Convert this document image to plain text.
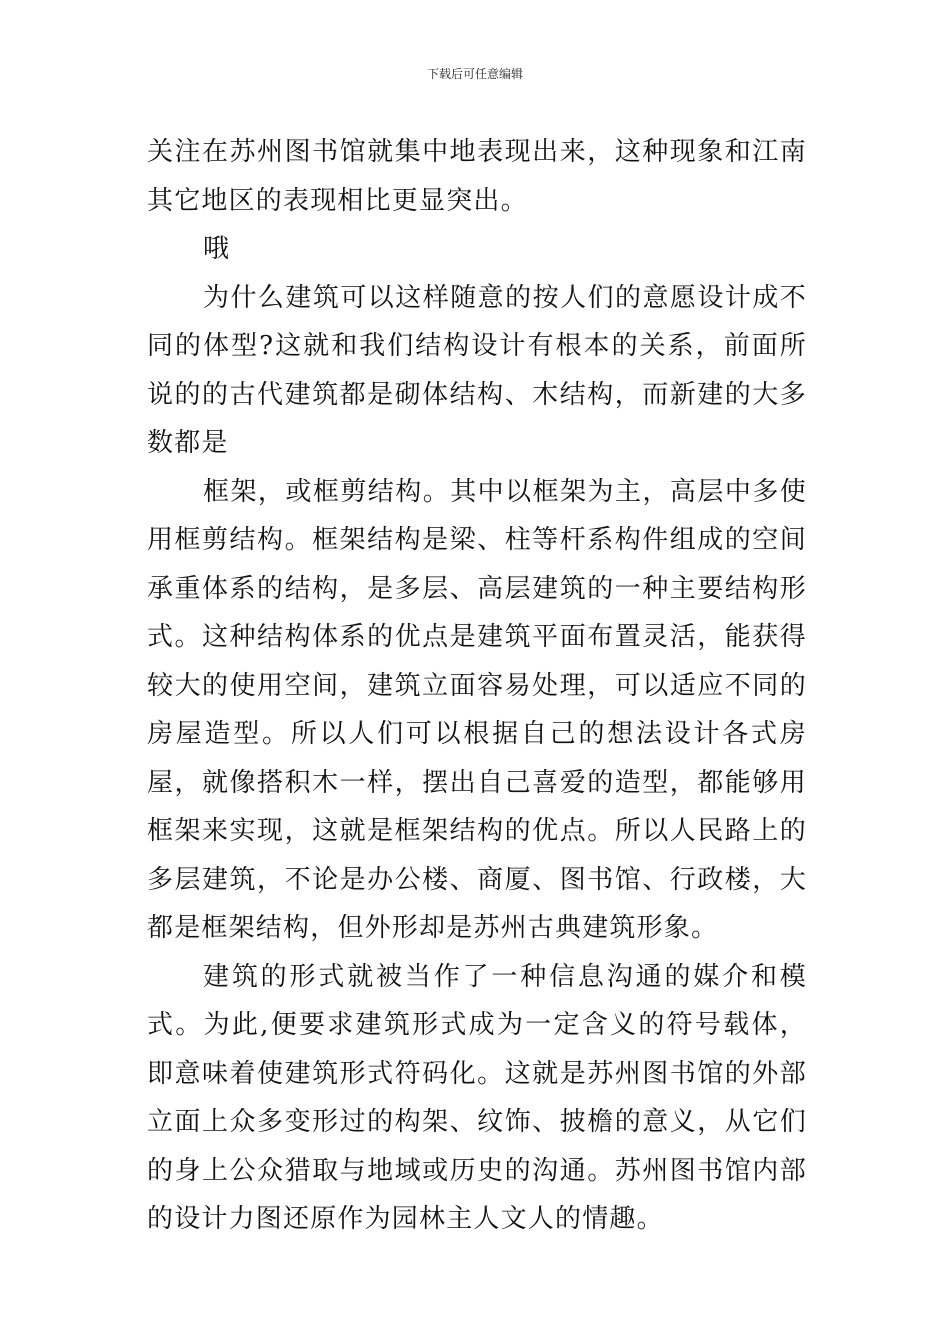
下载后可任意编辑

关注在苏州图书馆就集中地表现出来，这种现象和江南其它地区的表现相比更显突出。

哦

为什么建筑可以这样随意的按人们的意愿设计成不同的体型?这就和我们结构设计有根本的关系，前面所说的的古代建筑都是砌体结构、木结构，而新建的大多数都是

框架，或框剪结构。其中以框架为主，高层中多使用框剪结构。框架结构是梁、柱等杆系构件组成的空间承重体系的结构，是多层、高层建筑的一种主要结构形式。这种结构体系的优点是建筑平面布置灵活，能获得较大的使用空间，建筑立面容易处理，可以适应不同的房屋造型。所以人们可以根据自己的想法设计各式房屋，就像搭积木一样，摆出自己喜爱的造型，都能够用框架来实现，这就是框架结构的优点。所以人民路上的多层建筑，不论是办公楼、商厦、图书馆、行政楼，大都是框架结构，但外形却是苏州古典建筑形象。

建筑的形式就被当作了一种信息沟通的媒介和模式。为此,便要求建筑形式成为一定含义的符号载体，即意味着使建筑形式符码化。这就是苏州图书馆的外部立面上众多变形过的构架、纹饰、披檐的意义，从它们的身上公众猎取与地域或历史的沟通。苏州图书馆内部的设计力图还原作为园林主人文人的情趣。
